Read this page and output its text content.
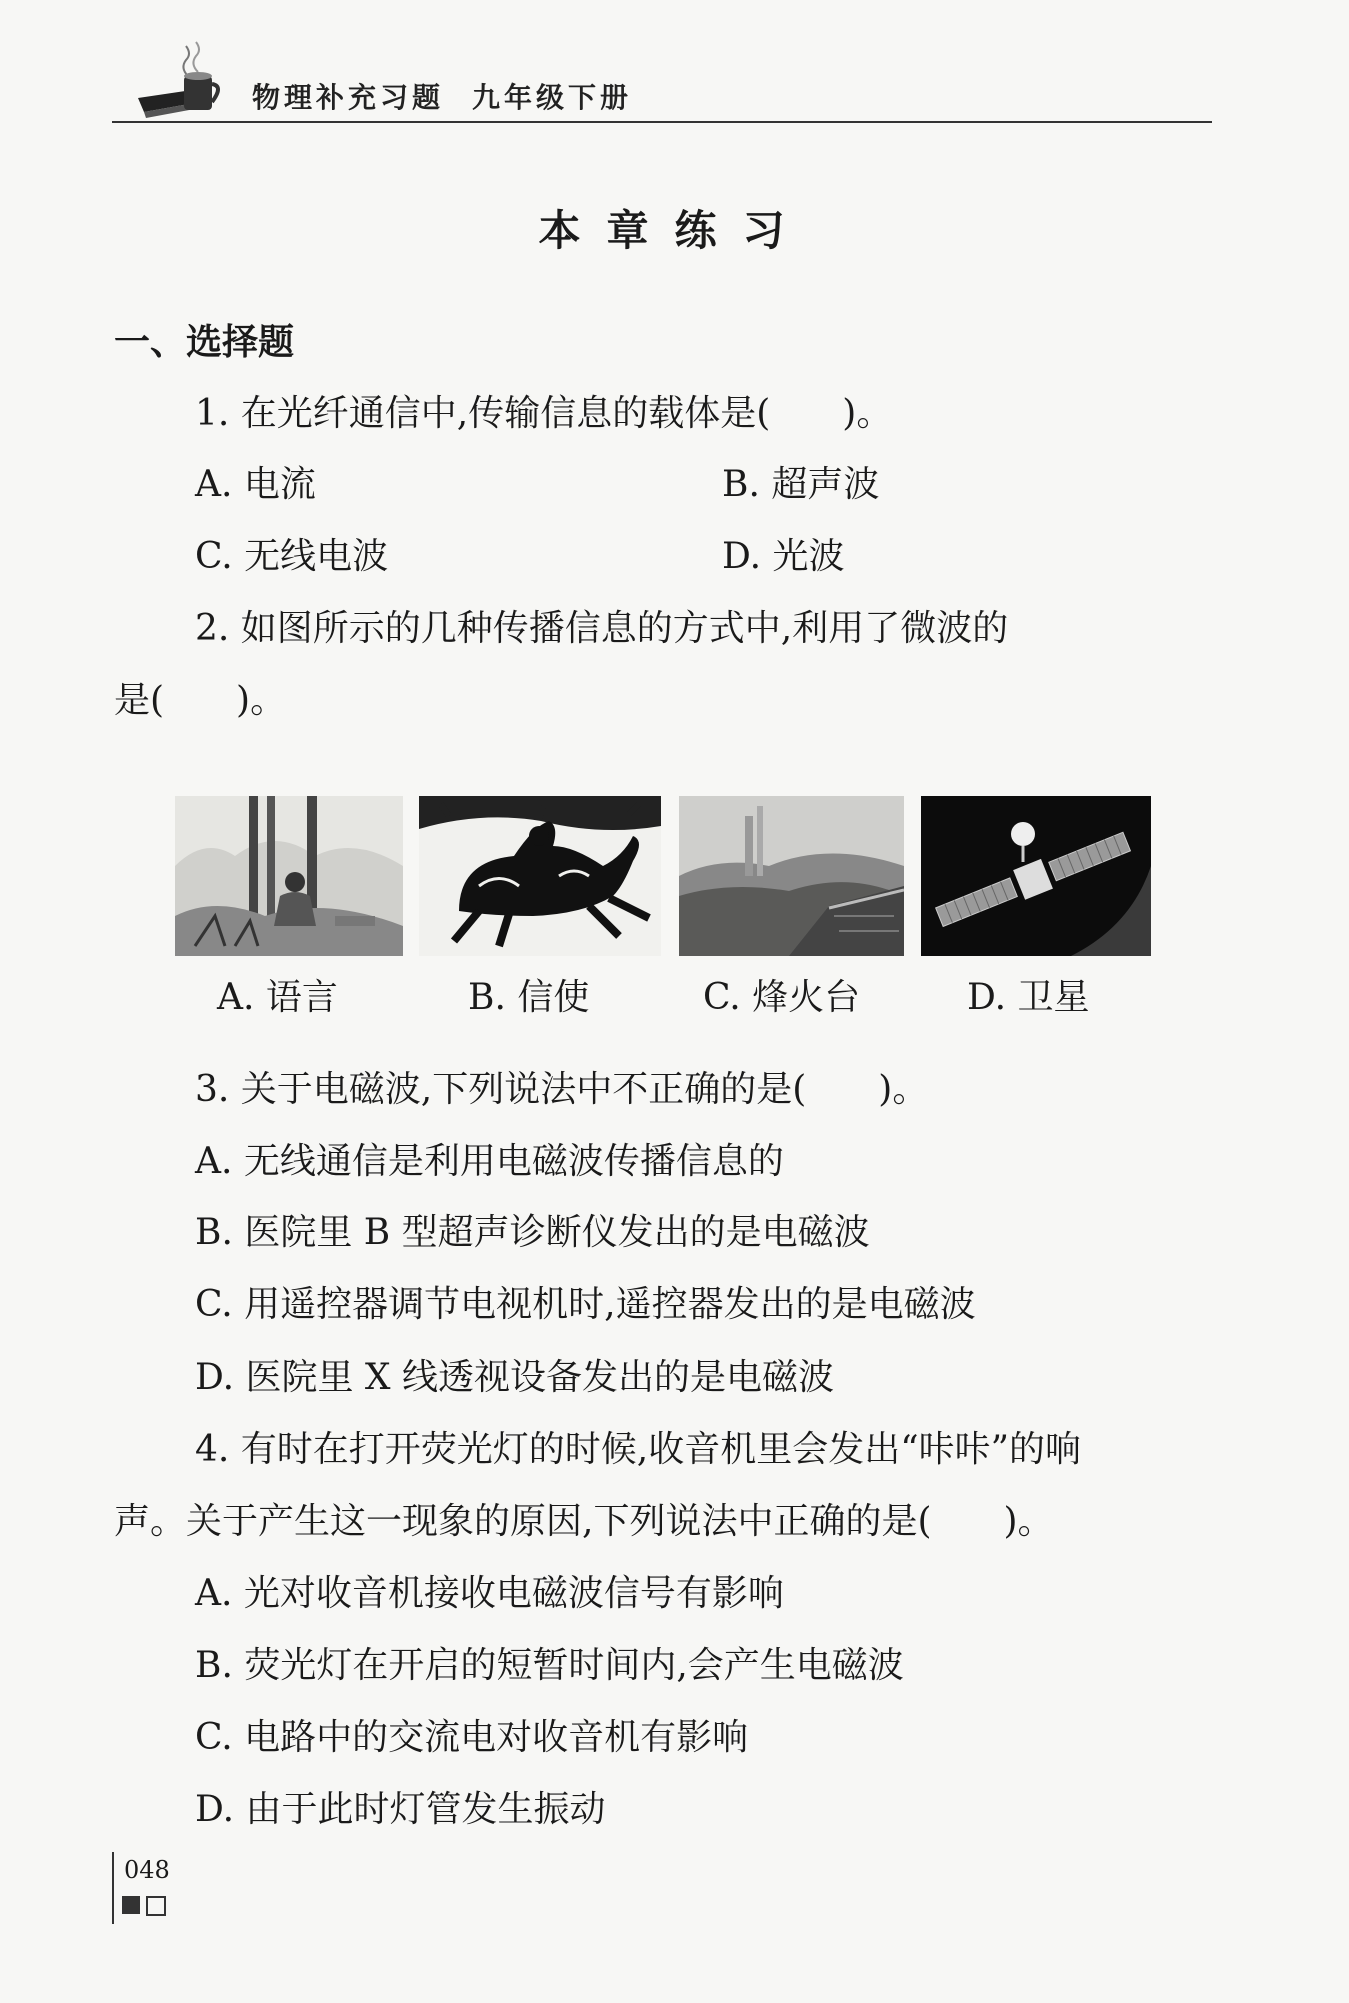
物理补充习题 九年级下册
本章练习
一、选择题
1. 在光纤通信中,传输信息的载体是(　　)。
A. 电流	B. 超声波
C. 无线电波	D. 光波
2. 如图所示的几种传播信息的方式中,利用了微波的
是(　　)。
A. 语言	B. 信使	C. 烽火台	D. 卫星
3. 关于电磁波,下列说法中不正确的是(　　)。
A. 无线通信是利用电磁波传播信息的
B. 医院里 B 型超声诊断仪发出的是电磁波
C. 用遥控器调节电视机时,遥控器发出的是电磁波
D. 医院里 X 线透视设备发出的是电磁波
4. 有时在打开荧光灯的时候,收音机里会发出“咔咔”的响
声。关于产生这一现象的原因,下列说法中正确的是(　　)。
A. 光对收音机接收电磁波信号有影响
B. 荧光灯在开启的短暂时间内,会产生电磁波
C. 电路中的交流电对收音机有影响
D. 由于此时灯管发生振动
048
